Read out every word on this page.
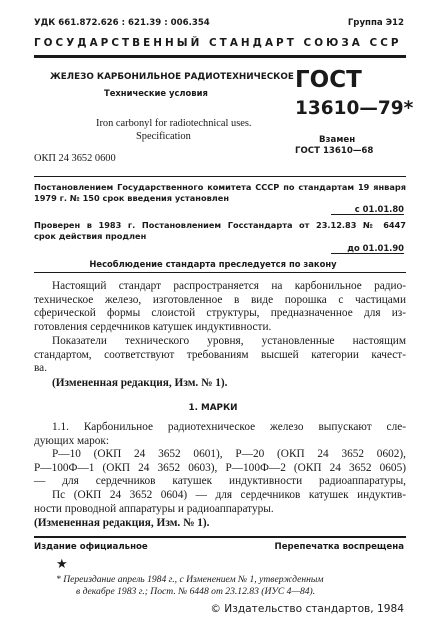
УДК 661.872.626 : 621.39 : 006.354	Группа Э12
ГОСУДАРСТВЕННЫЙ СТАНДАРТ СОЮЗА ССР
ЖЕЛЕЗО КАРБОНИЛЬНОЕ РАДИОТЕХНИЧЕСКОЕ
Технические условия
Iron carbonyl for radiotechnical uses.
Specification
ОКП 24 3652 0600
ГОСТ
13610—79*
Взамен
ГОСТ 13610—68
Постановлением Государственного комитета СССР по стандартам 19 января
1979 г. № 150 срок введения установлен
с 01.01.80
Проверен в 1983 г. Постановлением Госстандарта от 23.12.83 № 6447
срок действия продлен
до 01.01.90
Несоблюдение стандарта преследуется по закону
Настоящий стандарт распространяется на карбонильное радио-
техническое железо, изготовленное в виде порошка с частицами
сферической формы слоистой структуры, предназначенное для из-
готовления сердечников катушек индуктивности.
Показатели технического уровня, установленные настоящим
стандартом, соответствуют требованиям высшей категории качест-
ва.
(Измененная редакция, Изм. № 1).
1. МАРКИ
1.1. Карбонильное радиотехническое железо выпускают сле-
дующих марок:
Р—10 (ОКП 24 3652 0601), Р—20 (ОКП 24 3652 0602),
Р—100Ф—1 (ОКП 24 3652 0603), Р—100Ф—2 (ОКП 24 3652 0605)
— для сердечников катушек индуктивности радиоаппаратуры,
Пс (ОКП 24 3652 0604) — для сердечников катушек индуктив-
ности проводной аппаратуры и радиоаппаратуры.
(Измененная редакция, Изм. № 1).
Издание официальное	Перепечатка воспрещена
★
* Переиздание апрель 1984 г., с Изменением № 1, утвержденным
в декабре 1983 г.; Пост. № 6448 от 23.12.83 (ИУС 4—84).
© Издательство стандартов, 1984
